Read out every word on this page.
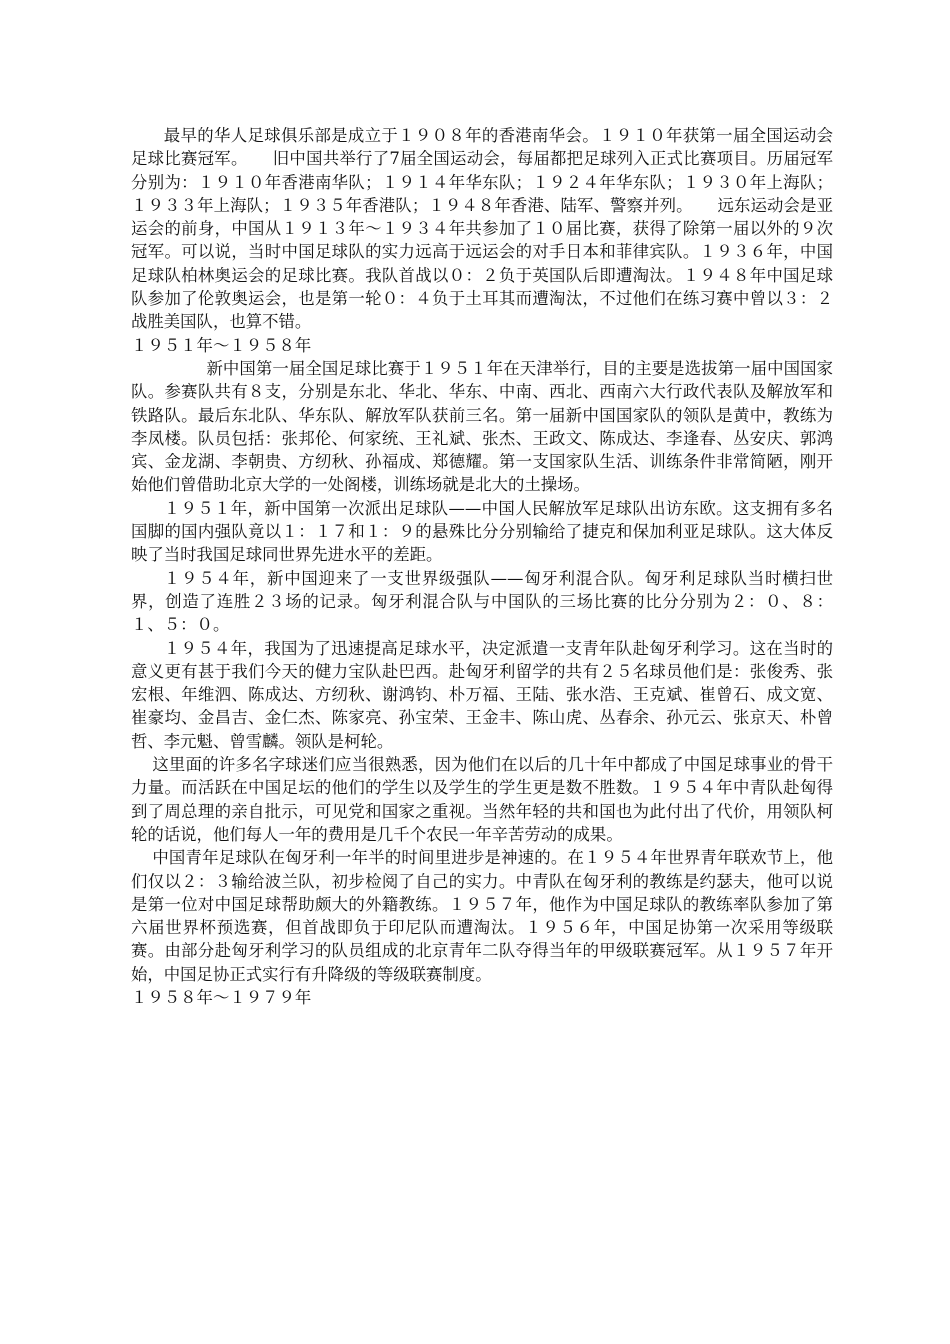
最早的华人足球俱乐部是成立于１９０８年的香港南华会。１９１０年获第一届全国运动会足球比赛冠军。　　旧中国共举行了7届全国运动会，每届都把足球列入正式比赛项目。历届冠军分别为：１９１０年香港南华队；１９１４年华东队；１９２４年华东队；１９３０年上海队；１９３３年上海队；１９３５年香港队；１９４８年香港、陆军、警察并列。　　远东运动会是亚运会的前身，中国从１９１３年～１９３４年共参加了１０届比赛，获得了除第一届以外的９次冠军。可以说，当时中国足球队的实力远高于远运会的对手日本和菲律宾队。１９３６年，中国足球队柏林奥运会的足球比赛。我队首战以０：２负于英国队后即遭淘汰。１９４８年中国足球队参加了伦敦奥运会，也是第一轮０：４负于土耳其而遭淘汰，不过他们在练习赛中曾以３：２战胜美国队，也算不错。

１９５１年～１９５８年

新中国第一届全国足球比赛于１９５１年在天津举行，目的主要是选拔第一届中国国家队。参赛队共有８支，分别是东北、华北、华东、中南、西北、西南六大行政代表队及解放军和铁路队。最后东北队、华东队、解放军队获前三名。第一届新中国国家队的领队是黄中，教练为李凤楼。队员包括：张邦伦、何家统、王礼斌、张杰、王政文、陈成达、李逢春、丛安庆、郭鸿宾、金龙湖、李朝贵、方纫秋、孙福成、郑德耀。第一支国家队生活、训练条件非常简陋，刚开始他们曾借助北京大学的一处阁楼，训练场就是北大的土操场。

１９５１年，新中国第一次派出足球队——中国人民解放军足球队出访东欧。这支拥有多名国脚的国内强队竟以１：１７和１：９的悬殊比分分别输给了捷克和保加利亚足球队。这大体反映了当时我国足球同世界先进水平的差距。

１９５４年，新中国迎来了一支世界级强队——匈牙利混合队。匈牙利足球队当时横扫世界，创造了连胜２３场的记录。匈牙利混合队与中国队的三场比赛的比分分别为２：０、８：１、５：０。

１９５４年，我国为了迅速提高足球水平，决定派遣一支青年队赴匈牙利学习。这在当时的意义更有甚于我们今天的健力宝队赴巴西。赴匈牙利留学的共有２５名球员他们是：张俊秀、张宏根、年维泗、陈成达、方纫秋、谢鸿钧、朴万福、王陆、张水浩、王克斌、崔曾石、成文宽、崔豪均、金昌吉、金仁杰、陈家亮、孙宝荣、王金丰、陈山虎、丛春余、孙元云、张京天、朴曾哲、李元魁、曾雪麟。领队是柯轮。

这里面的许多名字球迷们应当很熟悉，因为他们在以后的几十年中都成了中国足球事业的骨干力量。而活跃在中国足坛的他们的学生以及学生的学生更是数不胜数。１９５４年中青队赴匈得到了周总理的亲自批示，可见党和国家之重视。当然年轻的共和国也为此付出了代价，用领队柯轮的话说，他们每人一年的费用是几千个农民一年辛苦劳动的成果。

中国青年足球队在匈牙利一年半的时间里进步是神速的。在１９５４年世界青年联欢节上，他们仅以２：３输给波兰队，初步检阅了自己的实力。中青队在匈牙利的教练是约瑟夫，他可以说是第一位对中国足球帮助颇大的外籍教练。１９５７年，他作为中国足球队的教练率队参加了第六届世界杯预选赛，但首战即负于印尼队而遭淘汰。１９５６年，中国足协第一次采用等级联赛。由部分赴匈牙利学习的队员组成的北京青年二队夺得当年的甲级联赛冠军。从１９５７年开始，中国足协正式实行有升降级的等级联赛制度。

１９５８年～１９７９年
